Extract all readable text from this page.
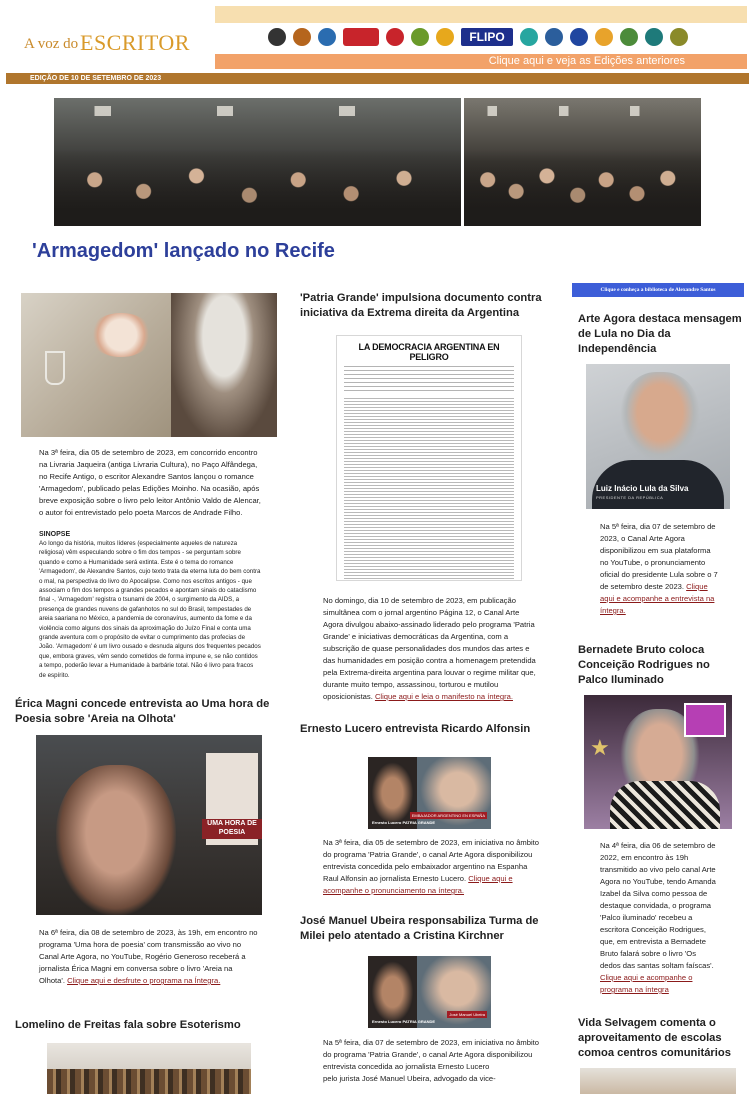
A voz do ESCRITOR	FLIPO
Clique aqui e veja as Edições anteriores
EDIÇÃO DE 10 DE SETEMBRO DE 2023
'Armagedom' lançado no Recife

Na 3ª feira, dia 05 de setembro de 2023, em concorrido encontro na Livraria Jaqueira (antiga Livraria Cultura), no Paço Alfândega, no Recife Antigo, o escritor Alexandre Santos lançou o romance 'Armagedom', publicado pelas Edições Moinho. Na ocasião, após breve exposição sobre o livro pelo leitor Antônio Valdo de Alencar, o autor foi entrevistado pelo poeta Marcos de Andrade Filho.

SINOPSE

Ao longo da história, muitos líderes (especialmente aqueles de natureza religiosa) vêm especulando sobre o fim dos tempos - se perguntam sobre quando e como a Humanidade será extinta. Este é o tema do romance 'Armagedom', de Alexandre Santos, cujo texto trata da eterna luta do bem contra o mal, na perspectiva do livro do Apocalipse. Como nos escritos antigos - que associam o fim dos tempos a grandes pecados e apontam sinais do cataclismo final -, 'Armagedom' registra o tsunami de 2004, o surgimento da AIDS, a presença de grandes nuvens de gafanhotos no sul do Brasil, tempestades de areia saariana no México, a pandemia de coronavírus, aumento da fome e da violência como alguns dos sinais da aproximação do Juízo Final e conta uma grande aventura com o propósito de evitar o cumprimento das profecias de João. 'Armagedom' é um livro ousado e desnuda alguns dos frequentes pecados que, embora graves, vêm sendo cometidos de forma impune e, se não contidos a tempo, poderão levar a Humanidade à barbárie total. Não é livro para fracos de espírito.

Érica Magni concede entrevista ao Uma hora de Poesia sobre 'Areia na Olhota'
UMA HORA DE POESIA

Na 6ª feira, dia 08 de setembro de 2023, às 19h, em encontro no programa 'Uma hora de poesia' com transmissão ao vivo no Canal Arte Agora, no YouTube, Rogério Generoso receberá a jornalista Érica Magni em conversa sobre o livro 'Areia na Olhota'. Clique aqui e desfrute o programa na Íntegra.

Lomelino de Freitas fala sobre Esoterismo
'Patria Grande' impulsiona documento contra iniciativa da Extrema direita da Argentina
LA DEMOCRACIA ARGENTINA EN PELIGRO

No domingo, dia 10 de setembro de 2023, em publicação simultânea com o jornal argentino Página 12, o Canal Arte Agora divulgou abaixo-assinado liderado pelo programa 'Patria Grande' e iniciativas democráticas da Argentina, com a subscrição de quase personalidades dos mundos das artes e das humanidades em posição contra a homenagem pretendida pela Extrema-direita argentina para louvar o regime militar que, durante muito tempo, assassinou, torturou e mutilou oposicionistas. Clique aqui e leia o manifesto na íntegra.

Ernesto Lucero entrevista Ricardo Alfonsin
Ernesto Lucero PATRIA GRANDE
EMBAJADOR ARGENTINO EN ESPAÑA

Na 3ª feira, dia 05 de setembro de 2023, em iniciativa no âmbito do programa 'Patria Grande', o canal Arte Agora disponibilizou entrevista concedida pelo embaixador argentino na Espanha Raul Alfonsin ao jornalista Ernesto Lucero. Clique aqui e acompanhe o pronunciamento na íntegra.

José Manuel Ubeira responsabiliza Turma de Milei pelo atentado a Cristina Kirchner
Ernesto Lucero PATRIA GRANDE
José Manuel Ubeira

Na 5ª feira, dia 07 de setembro de 2023, em iniciativa no âmbito do programa 'Patria Grande', o canal Arte Agora disponibilizou entrevista concedida ao jornalista Ernesto Lucero
pelo jurista José Manuel Ubeira, advogado da vice-

Clique e conheça a biblioteca de Alexandre Santos
Arte Agora destaca mensagem de Lula no Dia da Independência
Luiz Inácio Lula da Silva
PRESIDENTE DA REPÚBLICA

Na 5ª feira, dia 07 de setembro de 2023, o Canal Arte Agora disponibilizou em sua plataforma no YouTube, o pronunciamento oficial do presidente Lula sobre o 7 de setembro deste 2023. Clique aqui e acompanhe a entrevista na íntegra.

Bernadete Bruto coloca Conceição Rodrigues no Palco Iluminado
★

Na 4ª feira, dia 06 de setembro de 2022, em encontro às 19h transmitido ao vivo pelo canal Arte Agora no YouTube, tendo Amanda Izabel da Silva como pessoa de destaque convidada, o programa 'Palco iluminado' recebeu a escritora Conceição Rodrigues, que, em entrevista a Bernadete Bruto falará sobre o livro 'Os dedos das santas soltam faíscas'. Clique aqui e acompanhe o programa na íntegra

Vida Selvagem comenta o aproveitamento de escolas comoa centros comunitários
